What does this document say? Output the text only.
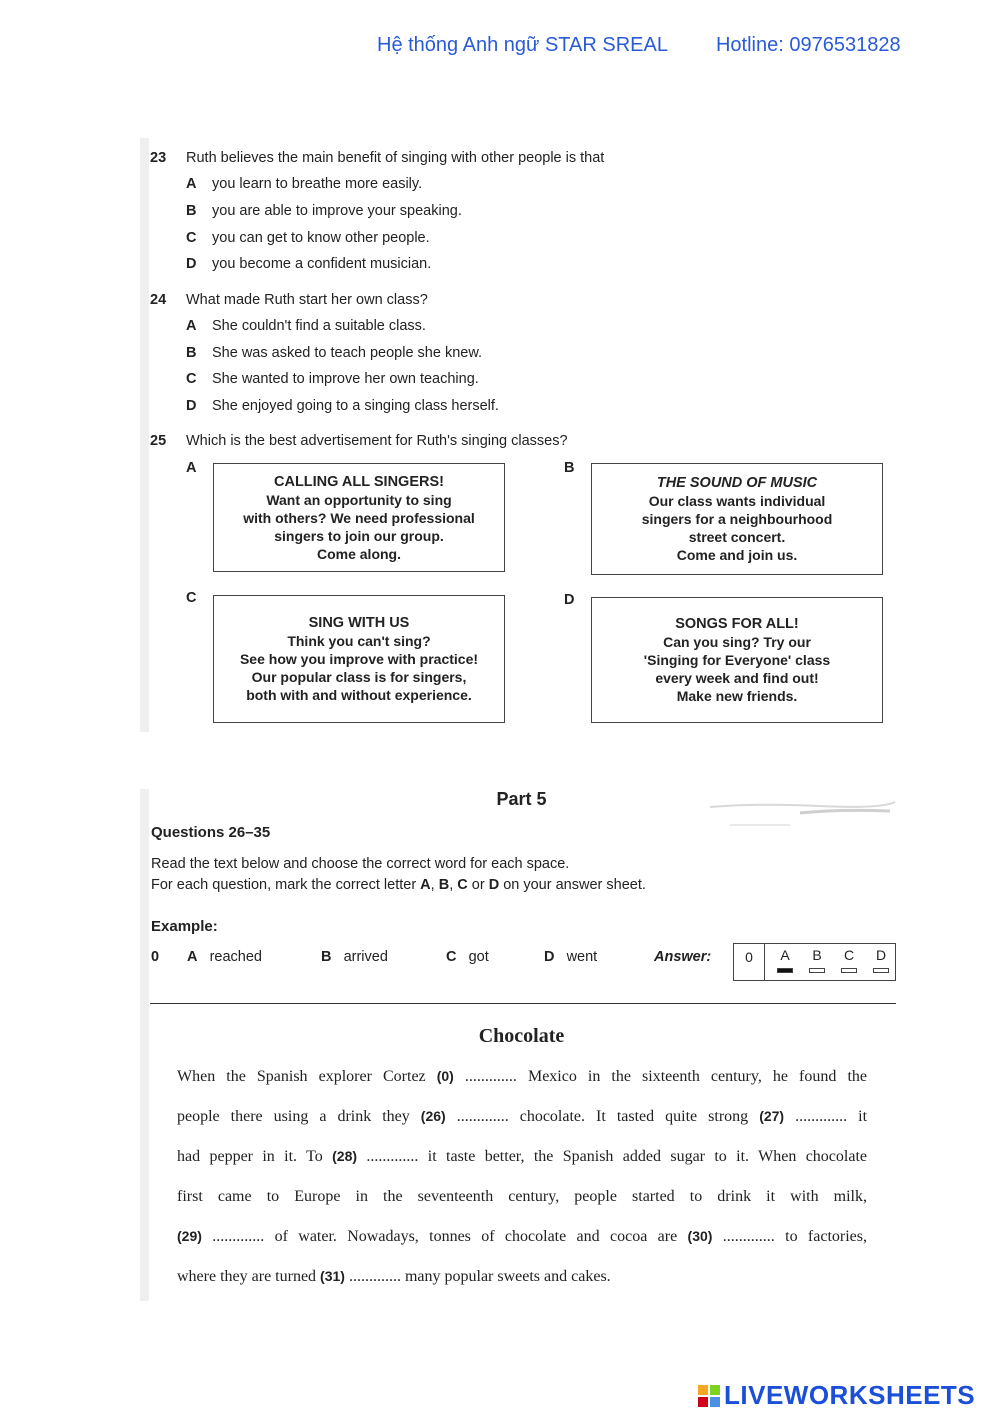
Hệ thống Anh ngữ STAR SREAL Hotline: 0976531828
23 Ruth believes the main benefit of singing with other people is that
A you learn to breathe more easily.
B you are able to improve your speaking.
C you can get to know other people.
D you become a confident musician.
24 What made Ruth start her own class?
A She couldn't find a suitable class.
B She was asked to teach people she knew.
C She wanted to improve her own teaching.
D She enjoyed going to a singing class herself.
25 Which is the best advertisement for Ruth's singing classes?
A
CALLING ALL SINGERS!
Want an opportunity to sing
with others? We need professional
singers to join our group.
Come along.
B
THE SOUND OF MUSIC
Our class wants individual
singers for a neighbourhood
street concert.
Come and join us.
C
SING WITH US
Think you can't sing?
See how you improve with practice!
Our popular class is for singers,
both with and without experience.
D
SONGS FOR ALL!
Can you sing? Try our
'Singing for Everyone' class
every week and find out!
Make new friends.
Part 5
Questions 26–35
Read the text below and choose the correct word for each space.
For each question, mark the correct letter A, B, C or D on your answer sheet.
Example:
0 A reached	B arrived	C got	D went	Answer:	0	A	B	C	D
Chocolate
When the Spanish explorer Cortez (0) ............. Mexico in the sixteenth century, he found the
people there using a drink they (26) ............. chocolate. It tasted quite strong (27) ............. it
had pepper in it. To (28) ............. it taste better, the Spanish added sugar to it. When chocolate
first came to Europe in the seventeenth century, people started to drink it with milk,
(29) ............. of water. Nowadays, tonnes of chocolate and cocoa are (30) ............. to factories,
where they are turned (31) ............. many popular sweets and cakes.
LIVEWORKSHEETS
